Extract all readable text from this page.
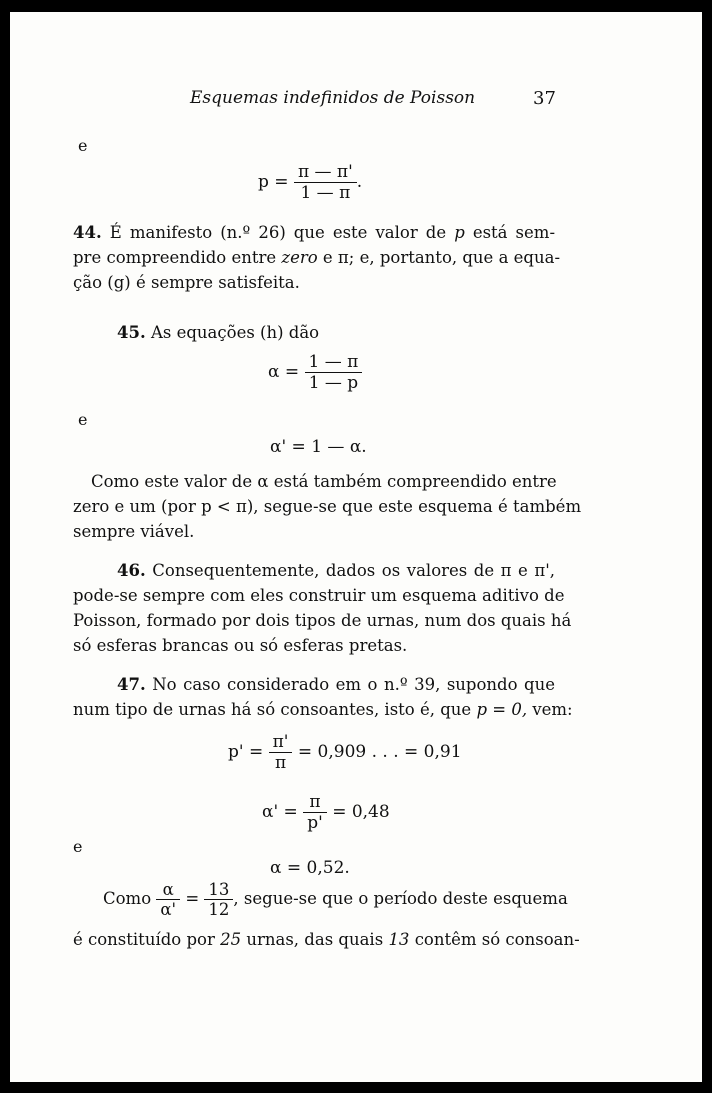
Esquemas indefinidos de Poisson	37
e
$p = \frac{\pi — \pi'}{1 — \pi}$ .
44. É manifesto (n.º 26) que este valor de p está sem-
pre compreendido entre zero e π; e, portanto, que a equa-
ção (g) é sempre satisfeita.
45. As equações (h) dão
$\alpha = \frac{1 — \pi}{1 — p}$
e
α' = 1 — α.
Como este valor de α está também compreendido entre
zero e um (por p < π), segue-se que este esquema é também
sempre viável.
46. Consequentemente, dados os valores de π e π',
pode-se sempre com eles construir um esquema aditivo de
Poisson, formado por dois tipos de urnas, num dos quais há
só esferas brancas ou só esferas pretas.
47. No caso considerado em o n.º 39, supondo que
num tipo de urnas há só consoantes, isto é, que p = 0, vem:
$p' = \frac{\pi'}{\pi} = 0,909$ . . . = 0,91
$\alpha' = \frac{\pi}{p'} = 0,48$
e
α = 0,52.
Como $\frac{\alpha}{\alpha'} = \frac{13}{12}$ , segue-se que o período deste esquema
é constituído por 25 urnas, das quais 13 contêm só consoan-
